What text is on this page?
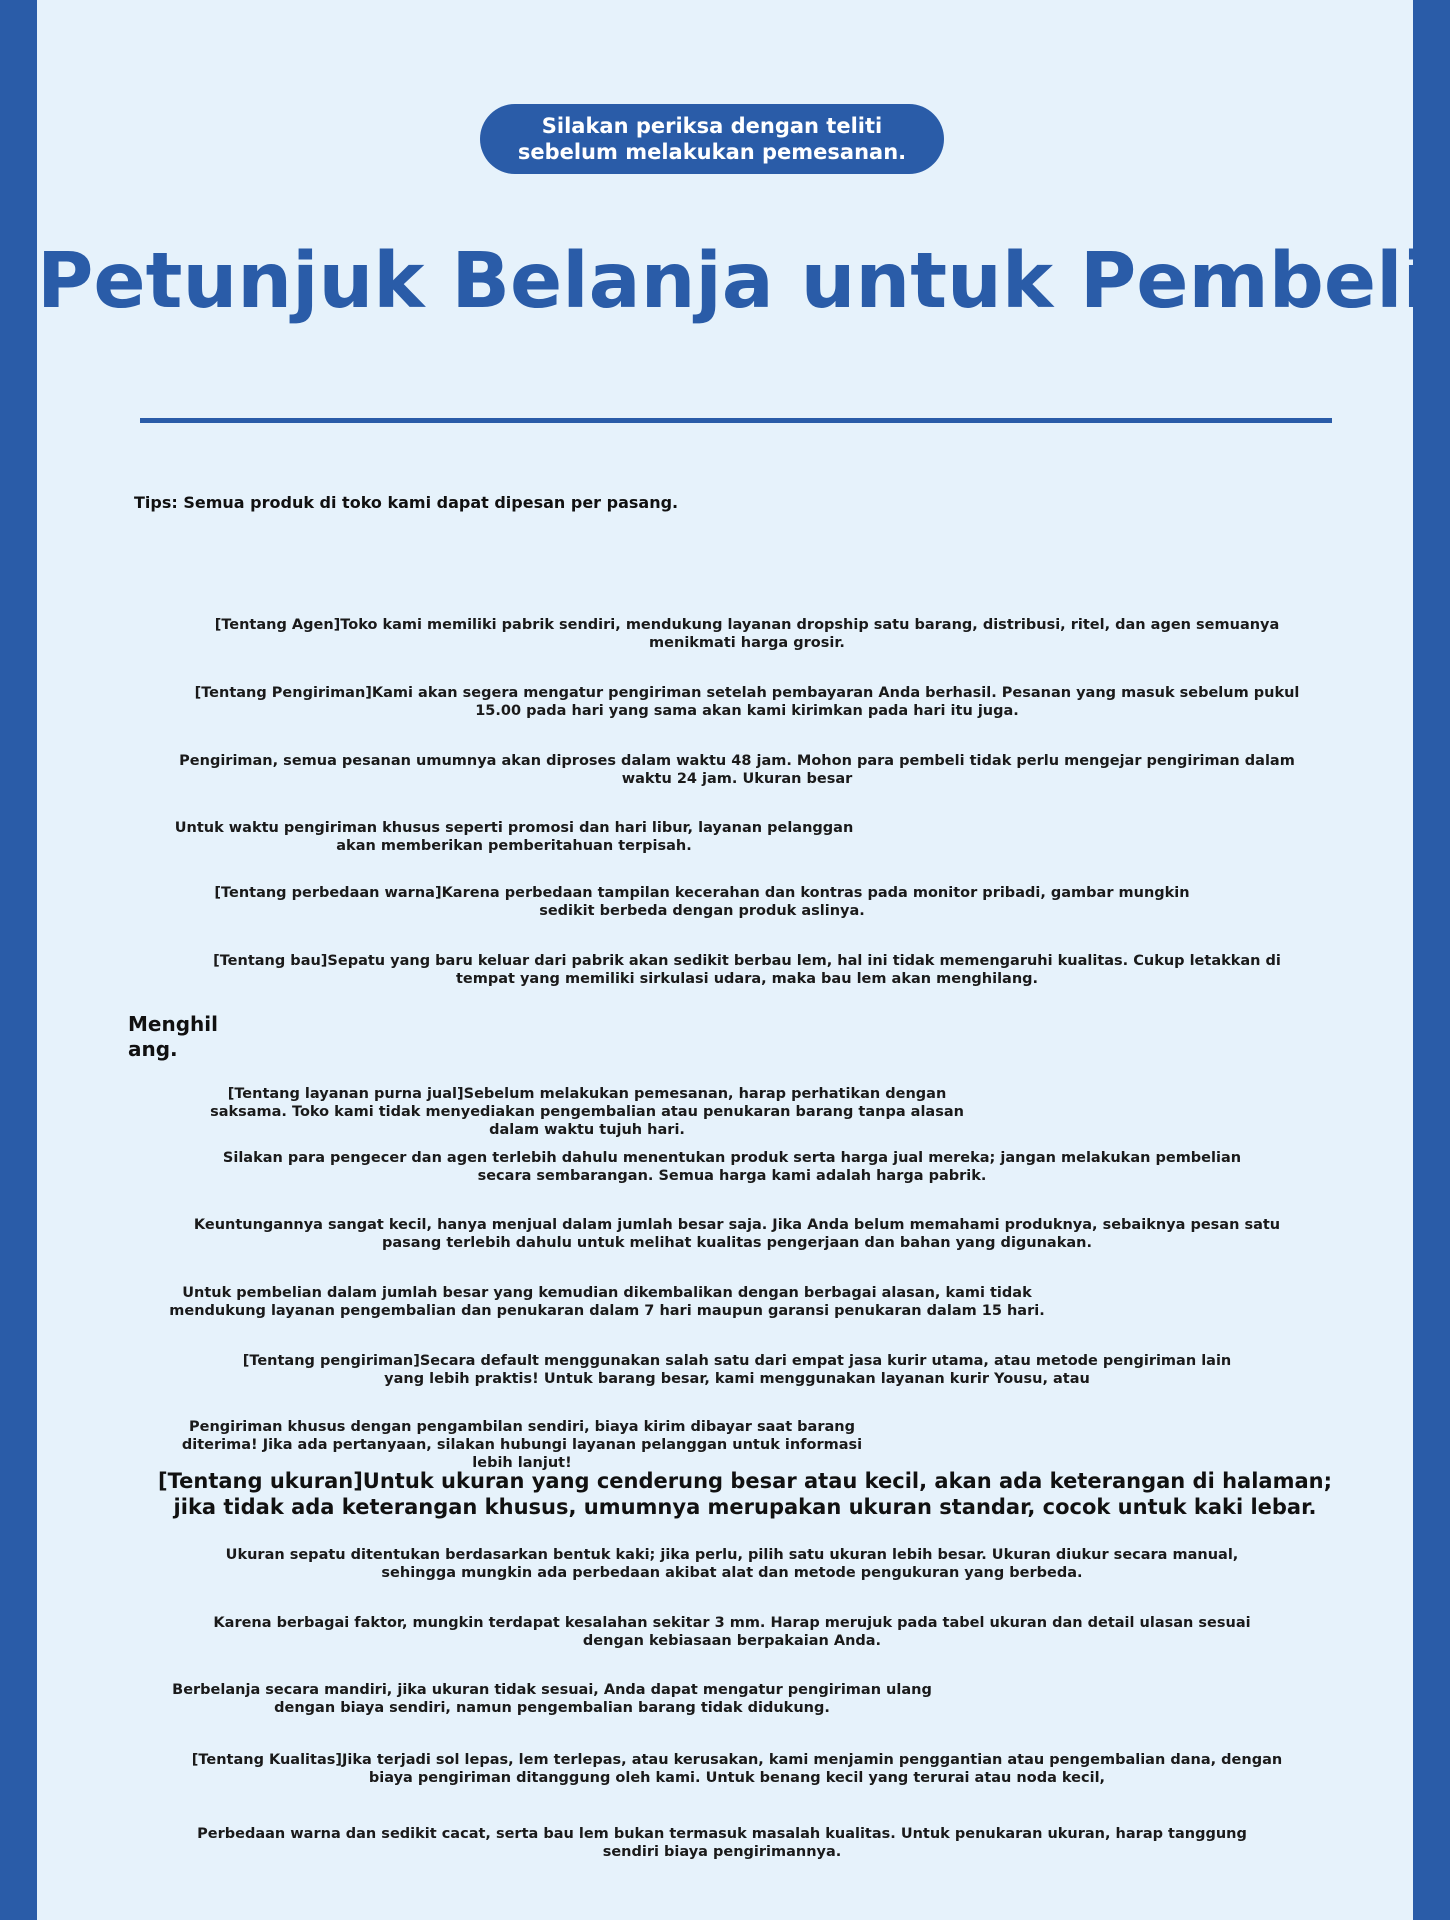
Silakan periksa dengan teliti
sebelum melakukan pemesanan.
Petunjuk Belanja untuk Pembeli
Tips: Semua produk di toko kami dapat dipesan per pasang.
[Tentang Agen]Toko kami memiliki pabrik sendiri, mendukung layanan dropship satu barang, distribusi, ritel, dan agen semuanya menikmati harga grosir.
[Tentang Pengiriman]Kami akan segera mengatur pengiriman setelah pembayaran Anda berhasil. Pesanan yang masuk sebelum pukul 15.00 pada hari yang sama akan kami kirimkan pada hari itu juga.
Pengiriman, semua pesanan umumnya akan diproses dalam waktu 48 jam. Mohon para pembeli tidak perlu mengejar pengiriman dalam waktu 24 jam. Ukuran besar
Untuk waktu pengiriman khusus seperti promosi dan hari libur, layanan pelanggan akan memberikan pemberitahuan terpisah.
[Tentang perbedaan warna]Karena perbedaan tampilan kecerahan dan kontras pada monitor pribadi, gambar mungkin sedikit berbeda dengan produk aslinya.
[Tentang bau]Sepatu yang baru keluar dari pabrik akan sedikit berbau lem, hal ini tidak memengaruhi kualitas. Cukup letakkan di tempat yang memiliki sirkulasi udara, maka bau lem akan menghilang.
Menghil
ang.
[Tentang layanan purna jual]Sebelum melakukan pemesanan, harap perhatikan dengan saksama. Toko kami tidak menyediakan pengembalian atau penukaran barang tanpa alasan dalam waktu tujuh hari.
Silakan para pengecer dan agen terlebih dahulu menentukan produk serta harga jual mereka; jangan melakukan pembelian secara sembarangan. Semua harga kami adalah harga pabrik.
Keuntungannya sangat kecil, hanya menjual dalam jumlah besar saja. Jika Anda belum memahami produknya, sebaiknya pesan satu pasang terlebih dahulu untuk melihat kualitas pengerjaan dan bahan yang digunakan.
Untuk pembelian dalam jumlah besar yang kemudian dikembalikan dengan berbagai alasan, kami tidak mendukung layanan pengembalian dan penukaran dalam 7 hari maupun garansi penukaran dalam 15 hari.
[Tentang pengiriman]Secara default menggunakan salah satu dari empat jasa kurir utama, atau metode pengiriman lain yang lebih praktis! Untuk barang besar, kami menggunakan layanan kurir Yousu, atau
Pengiriman khusus dengan pengambilan sendiri, biaya kirim dibayar saat barang diterima! Jika ada pertanyaan, silakan hubungi layanan pelanggan untuk informasi lebih lanjut!
[Tentang ukuran]Untuk ukuran yang cenderung besar atau kecil, akan ada keterangan di halaman; jika tidak ada keterangan khusus, umumnya merupakan ukuran standar, cocok untuk kaki lebar.
Ukuran sepatu ditentukan berdasarkan bentuk kaki; jika perlu, pilih satu ukuran lebih besar. Ukuran diukur secara manual, sehingga mungkin ada perbedaan akibat alat dan metode pengukuran yang berbeda.
Karena berbagai faktor, mungkin terdapat kesalahan sekitar 3 mm. Harap merujuk pada tabel ukuran dan detail ulasan sesuai dengan kebiasaan berpakaian Anda.
Berbelanja secara mandiri, jika ukuran tidak sesuai, Anda dapat mengatur pengiriman ulang dengan biaya sendiri, namun pengembalian barang tidak didukung.
[Tentang Kualitas]Jika terjadi sol lepas, lem terlepas, atau kerusakan, kami menjamin penggantian atau pengembalian dana, dengan biaya pengiriman ditanggung oleh kami. Untuk benang kecil yang terurai atau noda kecil,
Perbedaan warna dan sedikit cacat, serta bau lem bukan termasuk masalah kualitas. Untuk penukaran ukuran, harap tanggung sendiri biaya pengirimannya.
